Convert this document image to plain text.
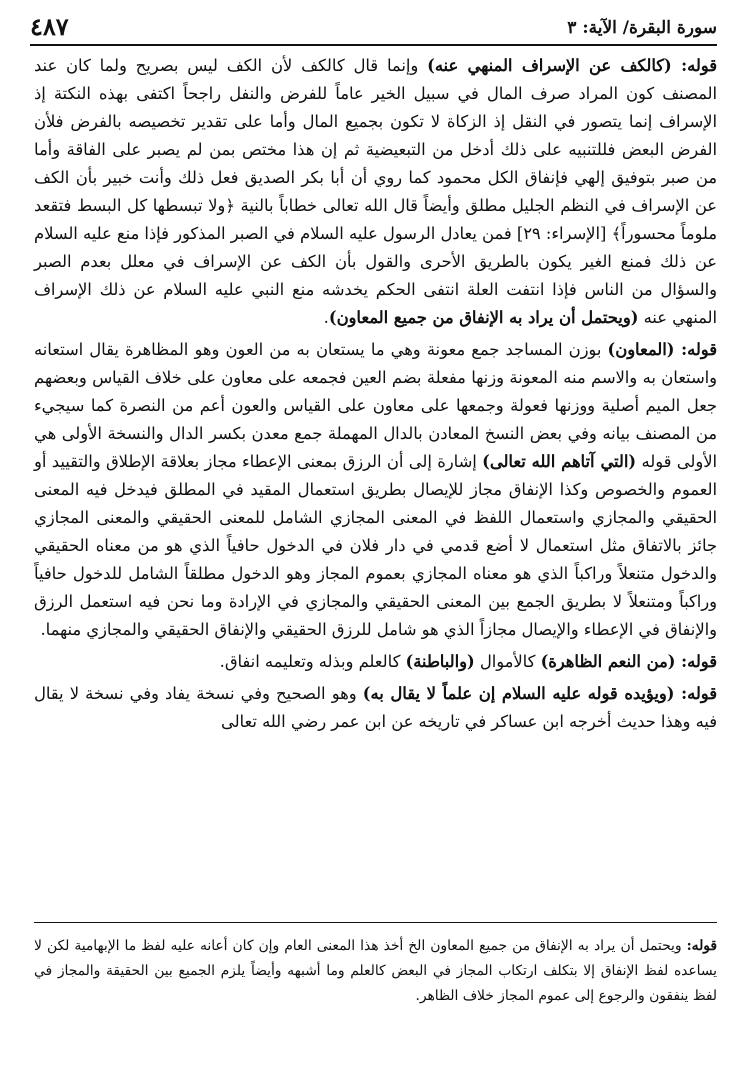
سورة البقرة/ الآية: ٣
٤٨٧

قوله: (كالكف عن الإسراف المنهي عنه) وإنما قال كالكف لأن الكف ليس بصريح ولما كان عند المصنف كون المراد صرف المال في سبيل الخير عاماً للفرض والنفل راجحاً اكتفى بهذه النكتة إذ الإسراف إنما يتصور في النقل إذ الزكاة لا تكون بجميع المال وأما على تقدير تخصيصه بالفرض فلأن الفرض البعض فللتنبيه على ذلك أدخل من التبعيضية ثم إن هذا مختص بمن لم يصبر على الفاقة وأما من صبر بتوفيق إلهي فإنفاق الكل محمود كما روي أن أبا بكر الصديق فعل ذلك وأنت خبير بأن الكف عن الإسراف في النظم الجليل مطلق وأيضاً قال الله تعالى خطاباً بالنية ﴿ولا تبسطها كل البسط فتقعد ملوماً محسوراً﴾ [الإسراء: ٢٩] فمن يعادل الرسول عليه السلام في الصبر المذكور فإذا منع عليه السلام عن ذلك فمنع الغير يكون بالطريق الأحرى والقول بأن الكف عن الإسراف في معلل بعدم الصبر والسؤال من الناس فإذا انتفت العلة انتفى الحكم يخدشه منع النبي عليه السلام عن ذلك الإسراف المنهي عنه (ويحتمل أن يراد به الإنفاق من جميع المعاون).

قوله: (المعاون) بوزن المساجد جمع معونة وهي ما يستعان به من العون وهو المظاهرة يقال استعانه واستعان به والاسم منه المعونة وزنها مفعلة بضم العين فجمعه على معاون على خلاف القياس وبعضهم جعل الميم أصلية ووزنها فعولة وجمعها على معاون على القياس والعون أعم من النصرة كما سيجيء من المصنف بيانه وفي بعض النسخ المعادن بالدال المهملة جمع معدن بكسر الدال والنسخة الأولى هي الأولى قوله (التي آتاهم الله تعالى) إشارة إلى أن الرزق بمعنى الإعطاء مجاز بعلاقة الإطلاق والتقييد أو العموم والخصوص وكذا الإنفاق مجاز للإيصال بطريق استعمال المقيد في المطلق فيدخل فيه المعنى الحقيقي والمجازي واستعمال اللفظ في المعنى المجازي الشامل للمعنى الحقيقي والمعنى المجازي جائز بالاتفاق مثل استعمال لا أضع قدمي في دار فلان في الدخول حافياً الذي هو من معناه الحقيقي والدخول متنعلاً وراكباً الذي هو معناه المجازي بعموم المجاز وهو الدخول مطلقاً الشامل للدخول حافياً وراكباً ومتنعلاً لا بطريق الجمع بين المعنى الحقيقي والمجازي في الإرادة وما نحن فيه استعمل الرزق والإنفاق في الإعطاء والإيصال مجازاً الذي هو شامل للرزق الحقيقي والإنفاق الحقيقي والمجازي منهما.

قوله: (من النعم الظاهرة) كالأموال (والباطنة) كالعلم وبذله وتعليمه انفاق.

قوله: (ويؤيده قوله عليه السلام إن علماً لا يقال به) وهو الصحيح وفي نسخة يفاد وفي نسخة لا يقال فيه وهذا حديث أخرجه ابن عساكر في تاريخه عن ابن عمر رضي الله تعالى

قوله: ويحتمل أن يراد به الإنفاق من جميع المعاون الخ أخذ هذا المعنى العام وإن كان أعانه عليه لفظ ما الإبهامية لكن لا يساعده لفظ الإنفاق إلا بتكلف ارتكاب المجاز في البعض كالعلم وما أشبهه وأيضاً يلزم الجميع بين الحقيقة والمجاز في لفظ ينفقون والرجوع إلى عموم المجاز خلاف الظاهر.
